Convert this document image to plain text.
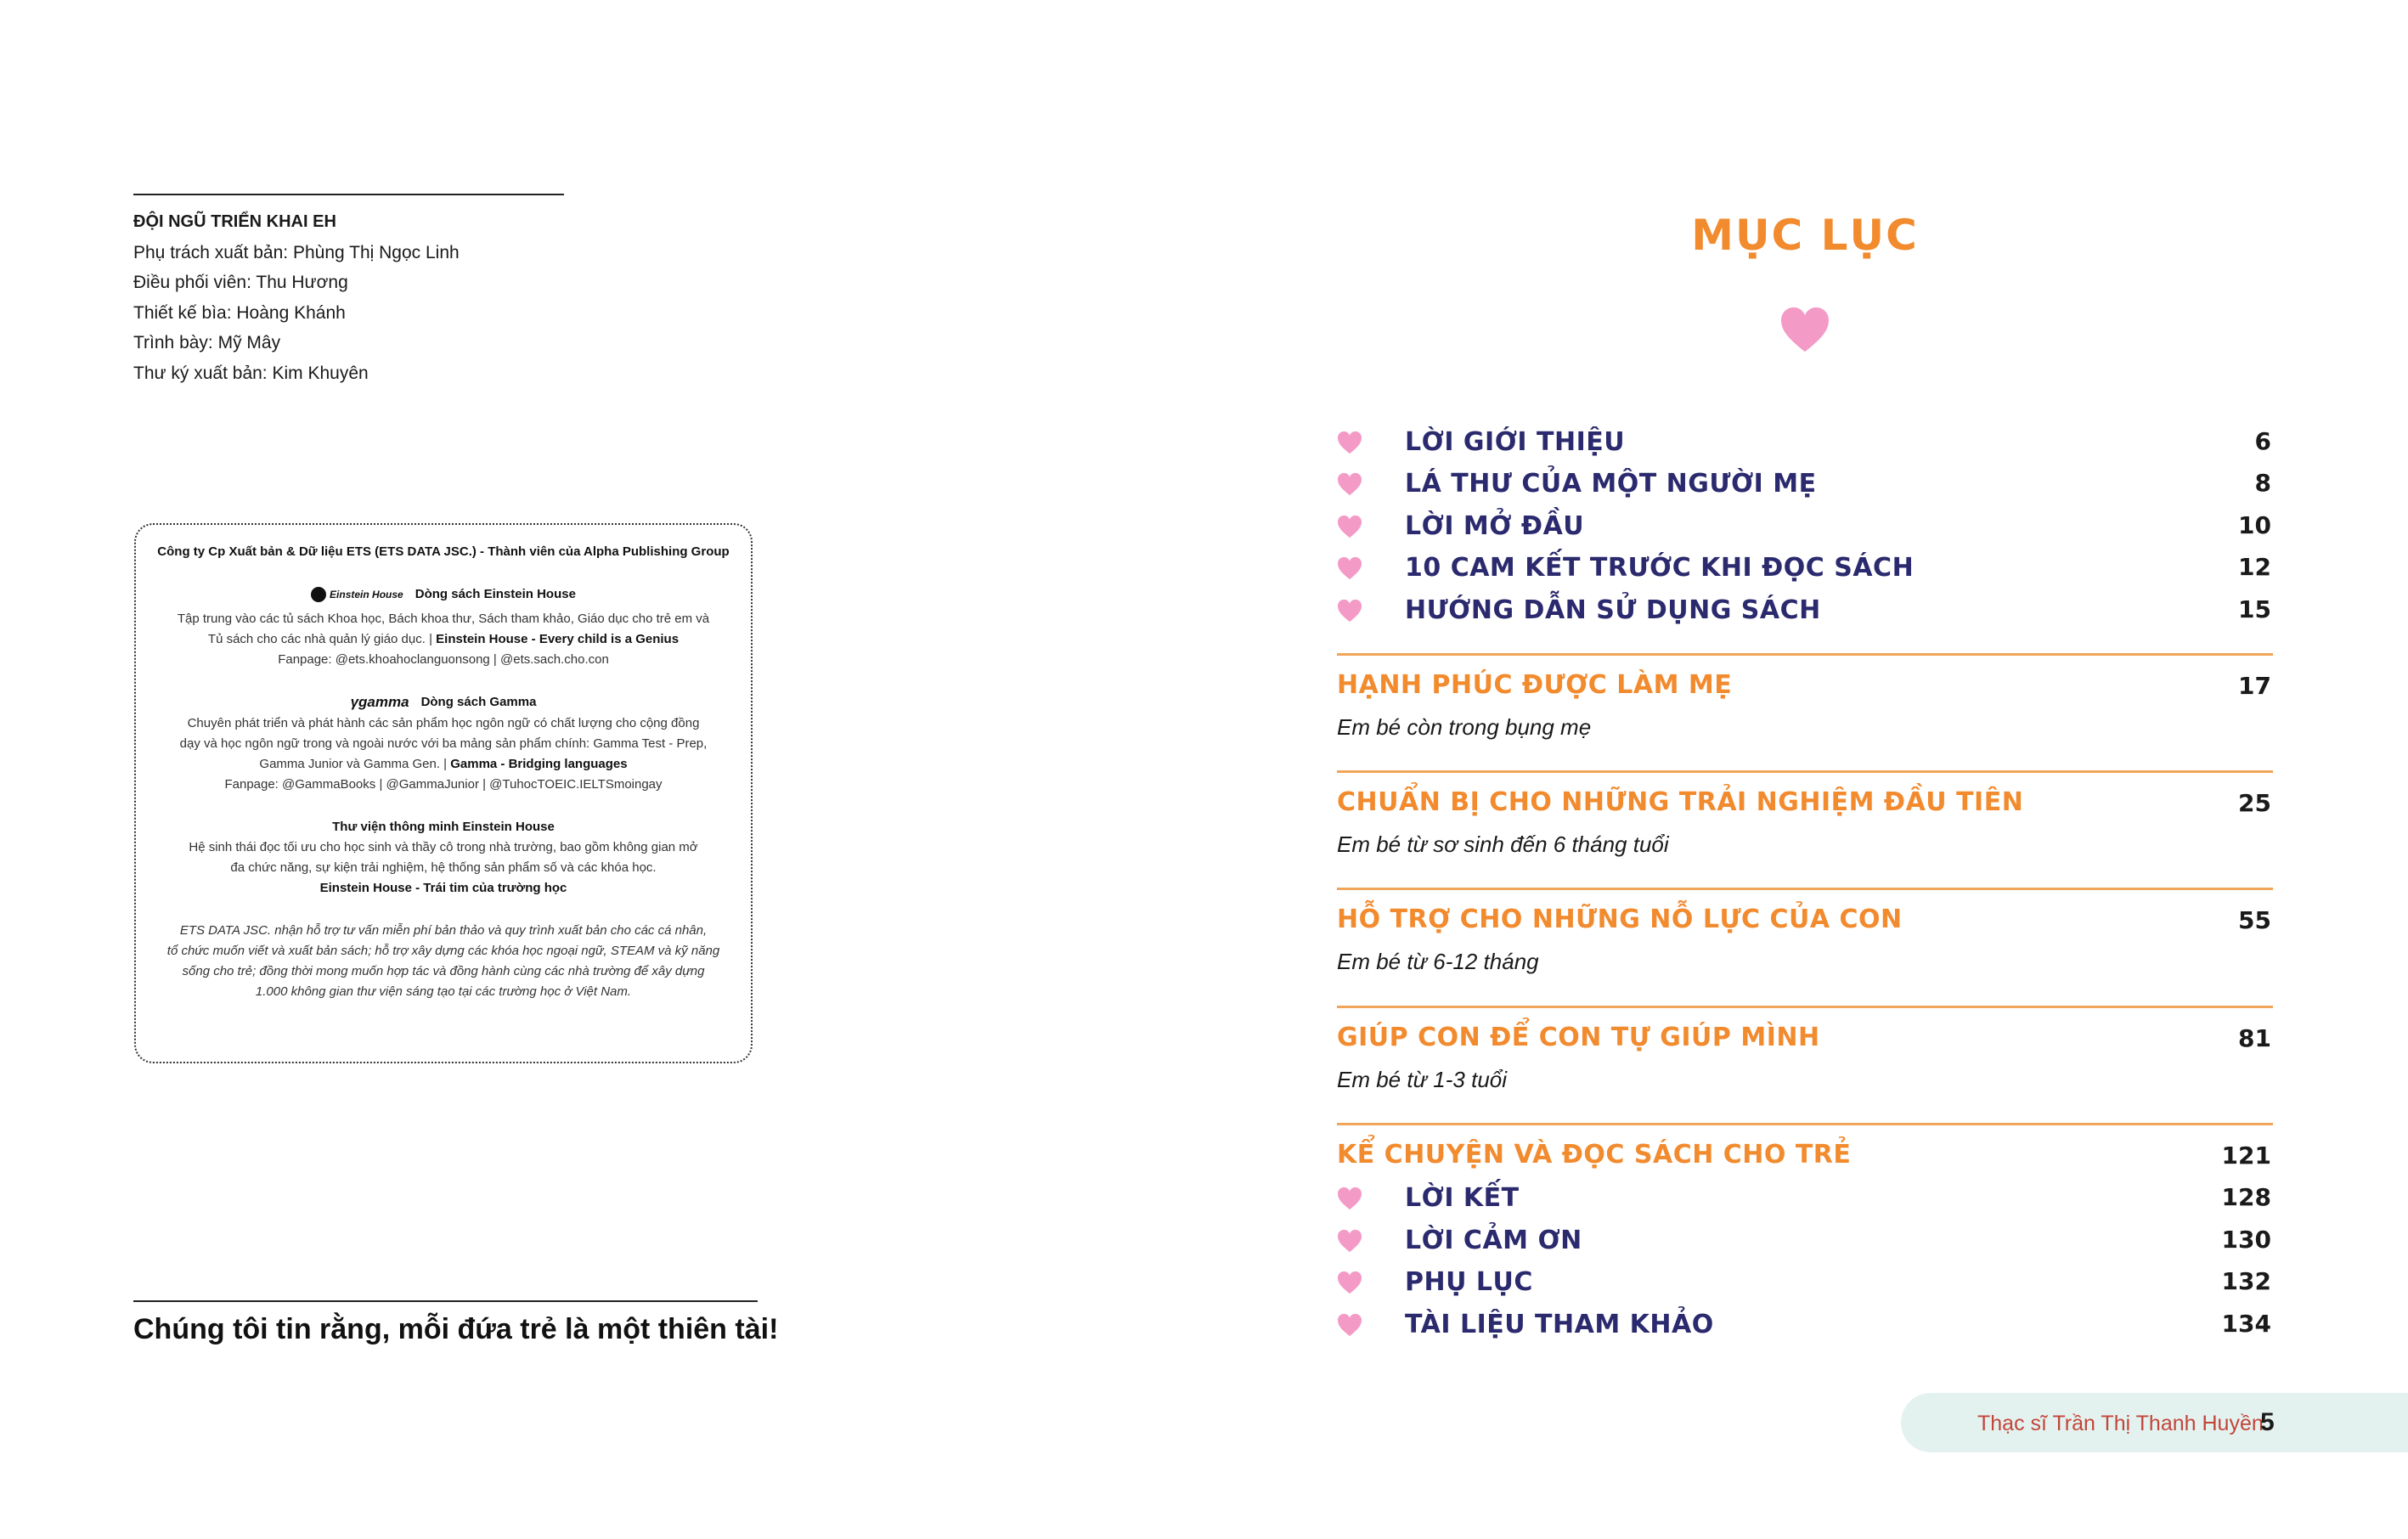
ĐỘI NGŨ TRIỂN KHAI EH
Phụ trách xuất bản: Phùng Thị Ngọc Linh
Điều phối viên: Thu Hương
Thiết kế bìa: Hoàng Khánh
Trình bày: Mỹ Mây
Thư ký xuất bản: Kim Khuyên
Công ty Cp Xuất bản & Dữ liệu ETS (ETS DATA JSC.) - Thành viên của Alpha Publishing Group
Einstein House Dòng sách Einstein House
Tập trung vào các tủ sách Khoa học, Bách khoa thư, Sách tham khảo, Giáo dục cho trẻ em và
Tủ sách cho các nhà quản lý giáo dục. | Einstein House - Every child is a Genius
Fanpage: @ets.khoahoclanguonsong | @ets.sach.cho.con
γgamma Dòng sách Gamma
Chuyên phát triển và phát hành các sản phẩm học ngôn ngữ có chất lượng cho cộng đồng
dạy và học ngôn ngữ trong và ngoài nước với ba mảng sản phẩm chính: Gamma Test - Prep,
Gamma Junior và Gamma Gen. | Gamma - Bridging languages
Fanpage: @GammaBooks | @GammaJunior | @TuhocTOEIC.IELTSmoingay
Thư viện thông minh Einstein House
Hệ sinh thái đọc tối ưu cho học sinh và thầy cô trong nhà trường, bao gồm không gian mở
đa chức năng, sự kiện trải nghiệm, hệ thống sản phẩm số và các khóa học.
Einstein House - Trái tim của trường học
ETS DATA JSC. nhận hỗ trợ tư vấn miễn phí bản thảo và quy trình xuất bản cho các cá nhân,
tổ chức muốn viết và xuất bản sách; hỗ trợ xây dựng các khóa học ngoại ngữ, STEAM và kỹ năng
sống cho trẻ; đồng thời mong muốn hợp tác và đồng hành cùng các nhà trường để xây dựng
1.000 không gian thư viện sáng tạo tại các trường học ở Việt Nam.
Chúng tôi tin rằng, mỗi đứa trẻ là một thiên tài!
MỤC LỤC
LỜI GIỚI THIỆU	6
LÁ THƯ CỦA MỘT NGƯỜI MẸ	8
LỜI MỞ ĐẦU	10
10 CAM KẾT TRƯỚC KHI ĐỌC SÁCH	12
HƯỚNG DẪN SỬ DỤNG SÁCH	15
HẠNH PHÚC ĐƯỢC LÀM MẸ	17
Em bé còn trong bụng mẹ
CHUẨN BỊ CHO NHỮNG TRẢI NGHIỆM ĐẦU TIÊN	25
Em bé từ sơ sinh đến 6 tháng tuổi
HỖ TRỢ CHO NHỮNG NỖ LỰC CỦA CON	55
Em bé từ 6-12 tháng
GIÚP CON ĐỂ CON TỰ GIÚP MÌNH	81
Em bé từ 1-3 tuổi
KỂ CHUYỆN VÀ ĐỌC SÁCH CHO TRẺ	121
LỜI KẾT	128
LỜI CẢM ƠN	130
PHỤ LỤC	132
TÀI LIỆU THAM KHẢO	134
Thạc sĩ Trần Thị Thanh Huyền
5
